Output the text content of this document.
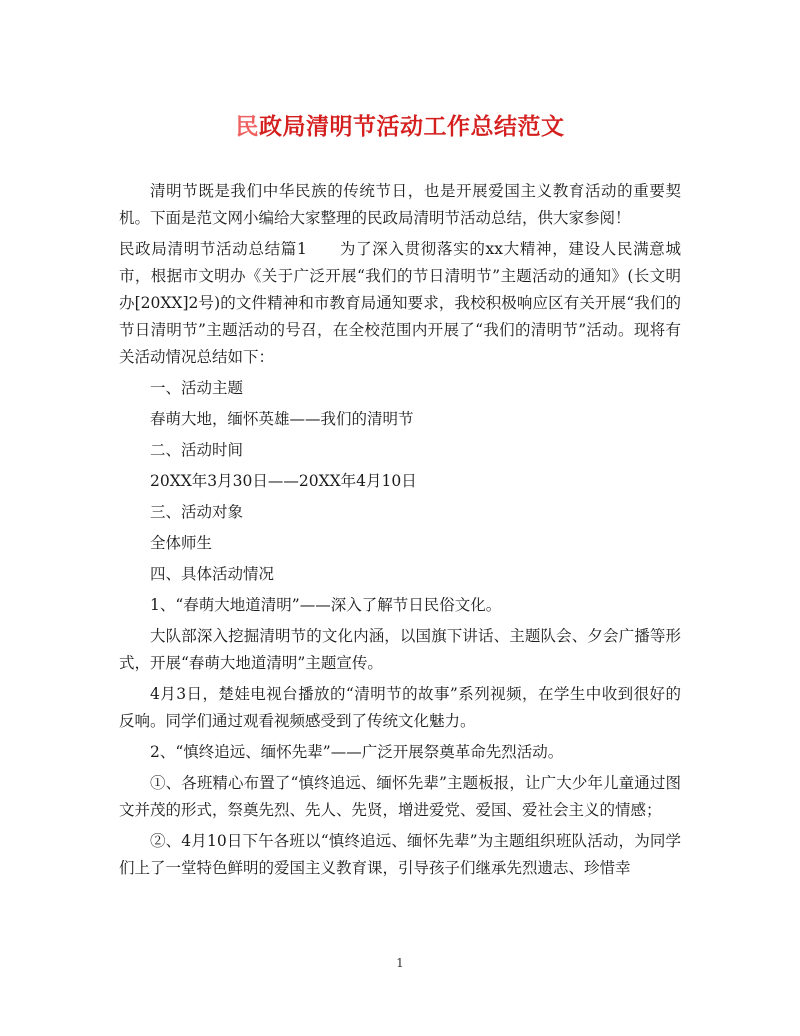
民政局清明节活动工作总结范文

清明节既是我们中华民族的传统节日，也是开展爱国主义教育活动的重要契机。下面是范文网小编给大家整理的民政局清明节活动总结，供大家参阅！

民政局清明节活动总结篇1　　为了深入贯彻落实的xx大精神，建设人民满意城市，根据市文明办《关于广泛开展“我们的节日清明节”主题活动的通知》(长文明办[20XX]2号)的文件精神和市教育局通知要求，我校积极响应区有关开展“我们的节日清明节”主题活动的号召，在全校范围内开展了“我们的清明节”活动。现将有关活动情况总结如下：

一、活动主题

春萌大地，缅怀英雄——我们的清明节

二、活动时间

20XX年3月30日——20XX年4月10日

三、活动对象

全体师生

四、具体活动情况

1、“春萌大地道清明”——深入了解节日民俗文化。

大队部深入挖掘清明节的文化内涵，以国旗下讲话、主题队会、夕会广播等形式，开展“春萌大地道清明”主题宣传。

4月3日，楚娃电视台播放的“清明节的故事”系列视频，在学生中收到很好的反响。同学们通过观看视频感受到了传统文化魅力。

2、“慎终追远、缅怀先辈”——广泛开展祭奠革命先烈活动。

①、各班精心布置了“慎终追远、缅怀先辈”主题板报，让广大少年儿童通过图文并茂的形式，祭奠先烈、先人、先贤，增进爱党、爱国、爱社会主义的情感；

②、4月10日下午各班以“慎终追远、缅怀先辈”为主题组织班队活动，为同学们上了一堂特色鲜明的爱国主义教育课，引导孩子们继承先烈遗志、珍惜幸

1
